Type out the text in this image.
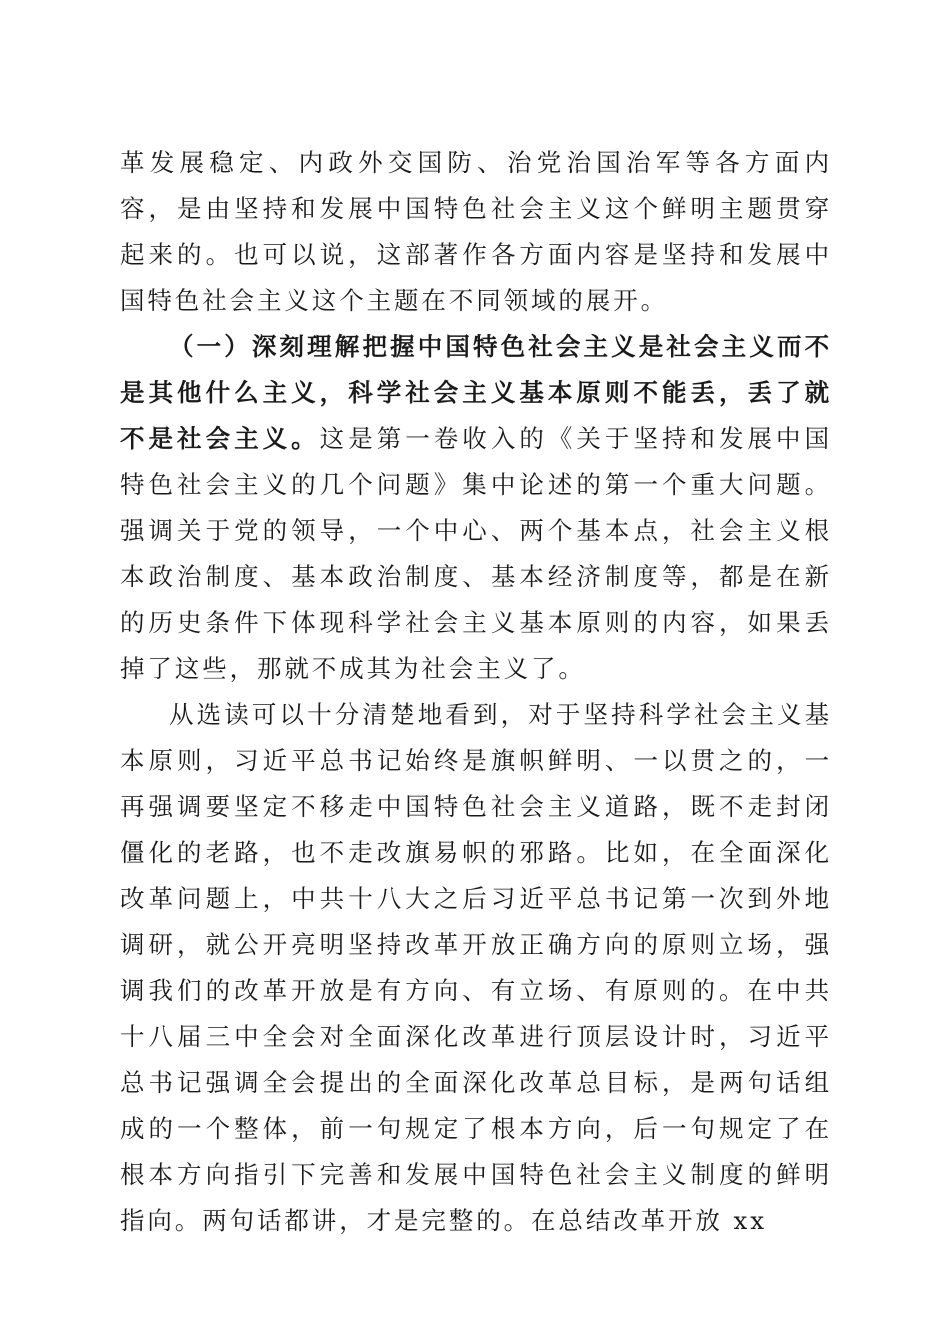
革发展稳定、内政外交国防、治党治国治军等各方面内容，是由坚持和发展中国特色社会主义这个鲜明主题贯穿起来的。也可以说，这部著作各方面内容是坚持和发展中国特色社会主义这个主题在不同领域的展开。

（一）深刻理解把握中国特色社会主义是社会主义而不是其他什么主义，科学社会主义基本原则不能丢，丢了就不是社会主义。这是第一卷收入的《关于坚持和发展中国特色社会主义的几个问题》集中论述的第一个重大问题。强调关于党的领导，一个中心、两个基本点，社会主义根本政治制度、基本政治制度、基本经济制度等，都是在新的历史条件下体现科学社会主义基本原则的内容，如果丢掉了这些，那就不成其为社会主义了。

从选读可以十分清楚地看到，对于坚持科学社会主义基本原则，习近平总书记始终是旗帜鲜明、一以贯之的，一再强调要坚定不移走中国特色社会主义道路，既不走封闭僵化的老路，也不走改旗易帜的邪路。比如，在全面深化改革问题上，中共十八大之后习近平总书记第一次到外地调研，就公开亮明坚持改革开放正确方向的原则立场，强调我们的改革开放是有方向、有立场、有原则的。在中共十八届三中全会对全面深化改革进行顶层设计时，习近平总书记强调全会提出的全面深化改革总目标，是两句话组成的一个整体，前一句规定了根本方向，后一句规定了在根本方向指引下完善和发展中国特色社会主义制度的鲜明指向。两句话都讲，才是完整的。在总结改革开放 xx
